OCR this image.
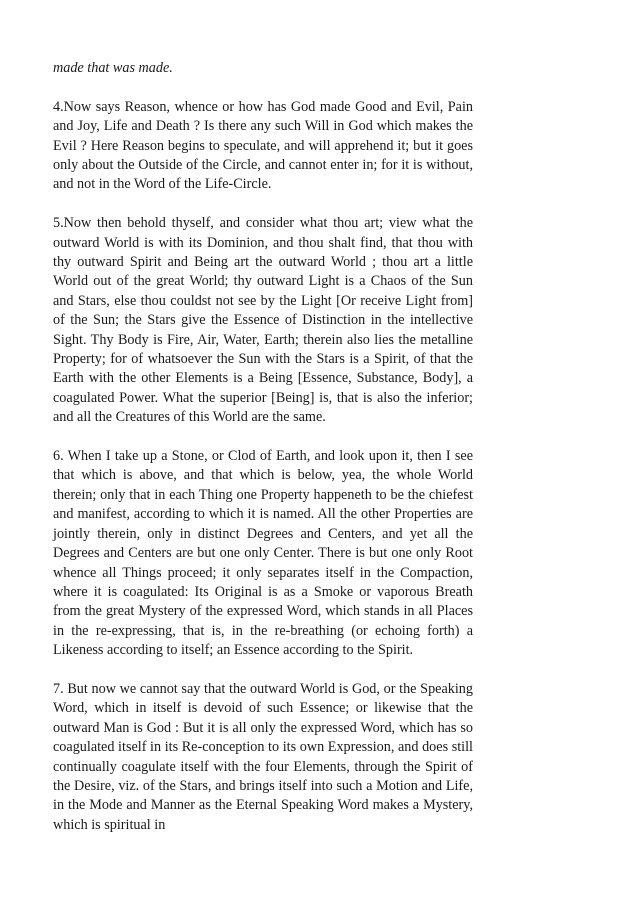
made that was made.

4.Now says Reason, whence or how has God made Good and Evil, Pain and Joy, Life and Death ? Is there any such Will in God which makes the Evil ? Here Reason begins to speculate, and will apprehend it; but it goes only about the Outside of the Circle, and cannot enter in; for it is without, and not in the Word of the Life-Circle.

5.Now then behold thyself, and consider what thou art; view what the outward World is with its Dominion, and thou shalt find, that thou with thy outward Spirit and Being art the outward World ; thou art a little World out of the great World; thy outward Light is a Chaos of the Sun and Stars, else thou couldst not see by the Light [Or receive Light from] of the Sun; the Stars give the Essence of Distinction in the intellective Sight. Thy Body is Fire, Air, Water, Earth; therein also lies the metalline Property; for of whatsoever the Sun with the Stars is a Spirit, of that the Earth with the other Elements is a Being [Essence, Substance, Body], a coagulated Power. What the superior [Being] is, that is also the inferior; and all the Creatures of this World are the same.

6. When I take up a Stone, or Clod of Earth, and look upon it, then I see that which is above, and that which is below, yea, the whole World therein; only that in each Thing one Property happeneth to be the chiefest and manifest, according to which it is named. All the other Properties are jointly therein, only in distinct Degrees and Centers, and yet all the Degrees and Centers are but one only Center. There is but one only Root whence all Things proceed; it only separates itself in the Compaction, where it is coagulated: Its Original is as a Smoke or vaporous Breath from the great Mystery of the expressed Word, which stands in all Places in the re-expressing, that is, in the re-breathing (or echoing forth) a Likeness according to itself; an Essence according to the Spirit.

7. But now we cannot say that the outward World is God, or the Speaking Word, which in itself is devoid of such Essence; or likewise that the outward Man is God : But it is all only the expressed Word, which has so coagulated itself in its Re-conception to its own Expression, and does still continually coagulate itself with the four Elements, through the Spirit of the Desire, viz. of the Stars, and brings itself into such a Motion and Life, in the Mode and Manner as the Eternal Speaking Word makes a Mystery, which is spiritual in
